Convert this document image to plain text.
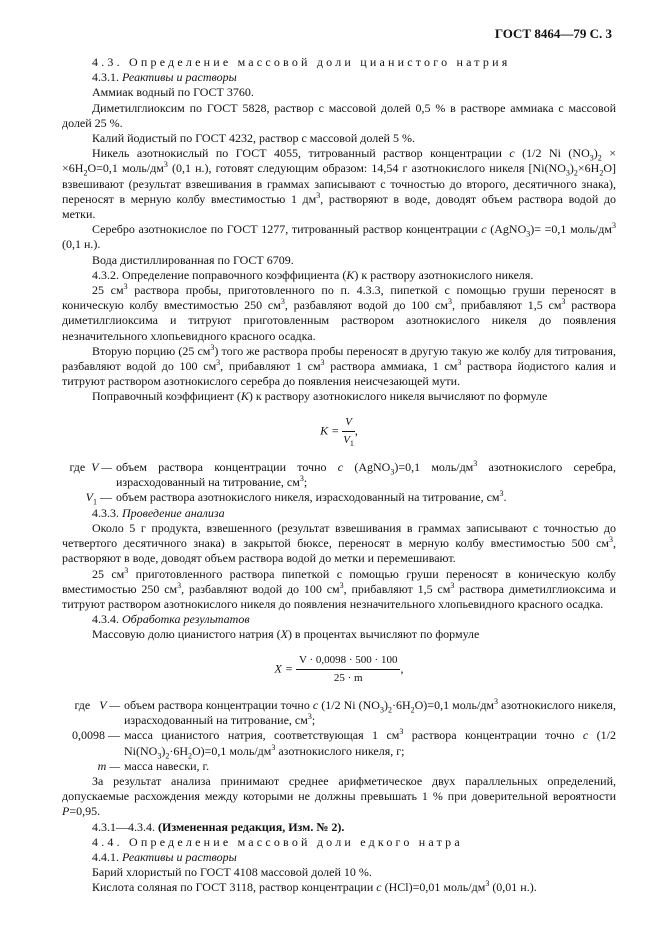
ГОСТ 8464—79 С. 3

4.3. Определение массовой доли цианистого натрия

4.3.1. Реактивы и растворы

Аммиак водный по ГОСТ 3760.

Диметилглиоксим по ГОСТ 5828, раствор с массовой долей 0,5 % в растворе аммиака с массовой долей 25 %.

Калий йодистый по ГОСТ 4232, раствор с массовой долей 5 %.

Никель азотнокислый по ГОСТ 4055, титрованный раствор концентрации c (1/2 Ni $(NO_3)_2 \times \times 6H_2O=0,1$ моль/$дм^3$ (0,1 н.), готовят следующим образом: 14,54 г азотнокислого никеля $[Ni(NO_3)_2\times 6H_2O]$ взвешивают (результат взвешивания в граммах записывают с точностью до второго, десятичного знака), переносят в мерную колбу вместимостью 1 $дм^3$, растворяют в воде, доводят объем раствора водой до метки.

Серебро азотнокислое по ГОСТ 1277, титрованный раствор концентрации c (AgNO$_3$)= =0,1 моль/$дм^3$ (0,1 н.).

Вода дистиллированная по ГОСТ 6709.

4.3.2. Определение поправочного коэффициента (K) к раствору азотнокислого никеля.

25 $см^3$ раствора пробы, приготовленного по п. 4.3.3, пипеткой с помощью груши переносят в коническую колбу вместимостью 250 $см^3$, разбавляют водой до 100 $см^3$, прибавляют 1,5 $см^3$ раствора диметилглиоксима и титруют приготовленным раствором азотнокислого никеля до появления незначительного хлопьевидного красного осадка.

Вторую порцию (25 $см^3$) того же раствора пробы переносят в другую такую же колбу для титрования, разбавляют водой до 100 $см^3$, прибавляют 1 $см^3$ раствора аммиака, 1 $см^3$ раствора йодистого калия и титруют раствором азотнокислого серебра до появления неисчезающей мути.

Поправочный коэффициент (K) к раствору азотнокислого никеля вычисляют по формуле

$K = \frac{V}{V_1}$ ,
где V — объем раствора концентрации точно c (AgNO$_3$)=0,1 моль/$дм^3$ азотнокислого серебра, израсходованный на титрование, $см^3$;
$V_1$ — объем раствора азотнокислого никеля, израсходованный на титрование, $см^3$.

4.3.3. Проведение анализа

Около 5 г продукта, взвешенного (результат взвешивания в граммах записывают с точностью до четвертого десятичного знака) в закрытой бюксе, переносят в мерную колбу вместимостью 500 $см^3$, растворяют в воде, доводят объем раствора водой до метки и перемешивают.

25 $см^3$ приготовленного раствора пипеткой с помощью груши переносят в коническую колбу вместимостью 250 $см^3$, разбавляют водой до 100 $см^3$, прибавляют 1,5 $см^3$ раствора диметилглиоксима и титруют раствором азотнокислого никеля до появления незначительного хлопьевидного красного осадка.

4.3.4. Обработка результатов

Массовую долю цианистого натрия (X) в процентах вычисляют по формуле

$X = \frac{V \cdot 0,0098 \cdot 500 \cdot 100}{25 \cdot m}$ ,
где V — объем раствора концентрации точно c (1/2 Ni $(NO_3)_2\cdot 6H_2O)=0,1$ моль/$дм^3$ азотнокислого никеля, израсходованный на титрование, $см^3$;
0,0098 — масса цианистого натрия, соответствующая 1 $см^3$ раствора концентрации точно c (1/2 $Ni(NO_3)_2\cdot 6H_2O)=0,1$ моль/$дм^3$ азотнокислого никеля, г;
m — масса навески, г.

За результат анализа принимают среднее арифметическое двух параллельных определений, допускаемые расхождения между которыми не должны превышать 1 % при доверительной вероятности P=0,95.

4.3.1—4.3.4. (Измененная редакция, Изм. № 2).

4.4. Определение массовой доли едкого натра

4.4.1. Реактивы и растворы

Барий хлористый по ГОСТ 4108 массовой долей 10 %.

Кислота соляная по ГОСТ 3118, раствор концентрации c (HCl)=0,01 моль/$дм^3$ (0,01 н.).
